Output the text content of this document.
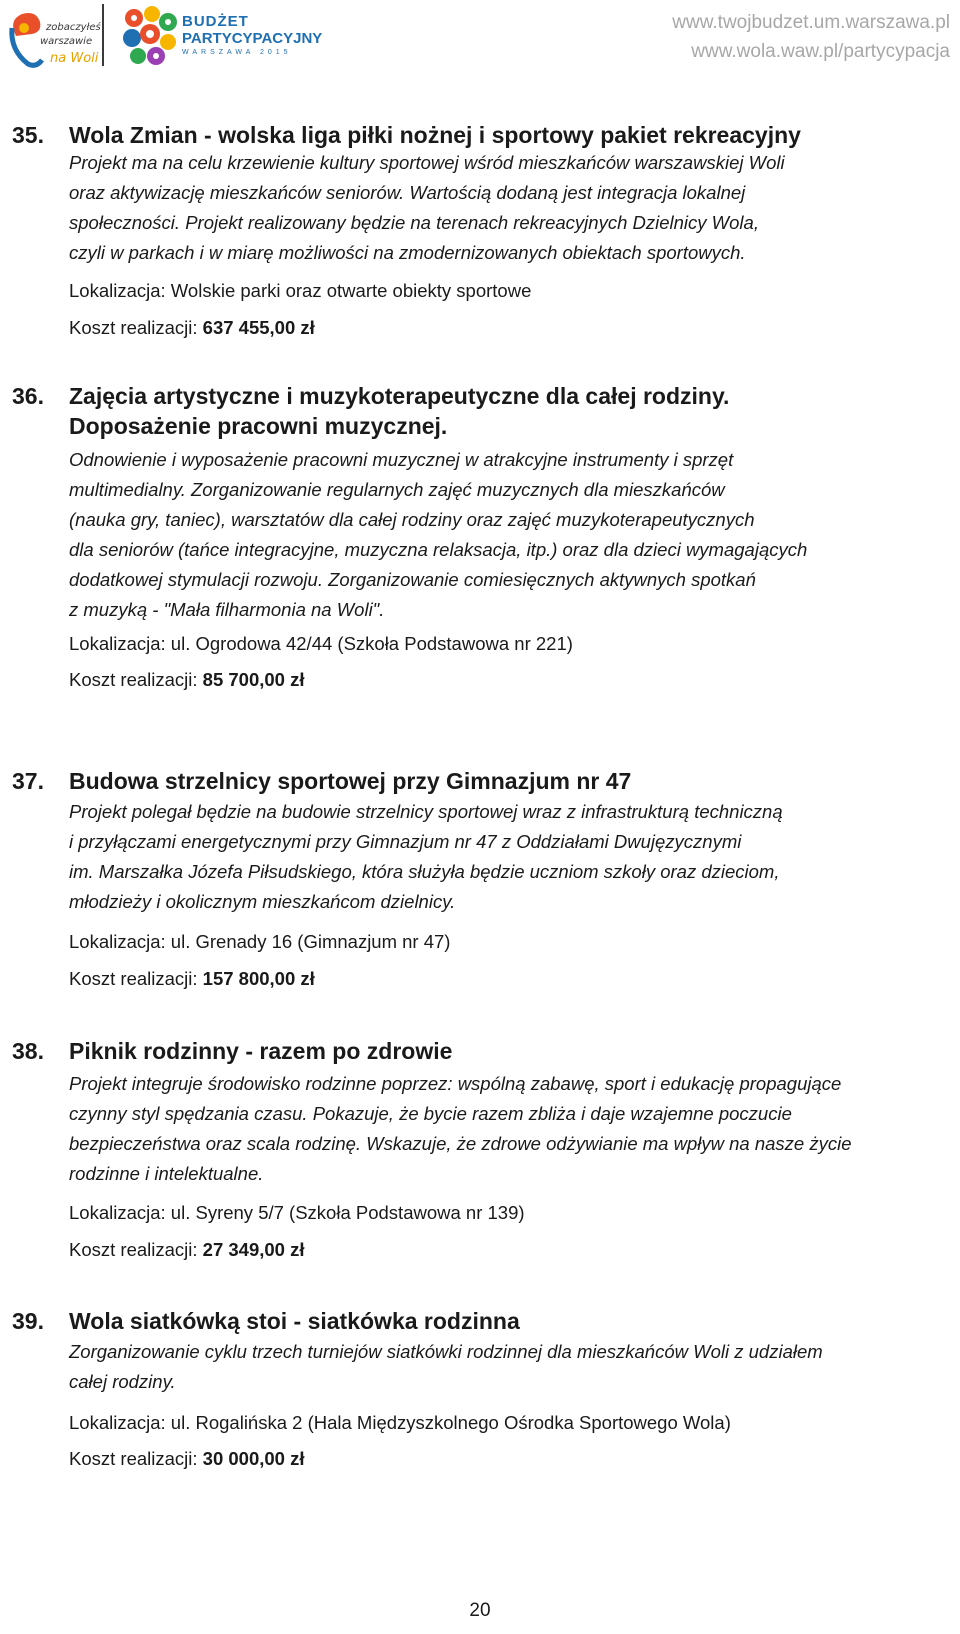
zobaczyłeś
warszawie
na Woli

BUDŻET

PARTYCYPACYJNY

WARSZAWA 2015

www.twojbudzet.um.warszawa.pl
www.wola.waw.pl/partycypacja
35. Wola Zmian - wolska liga piłki nożnej i sportowy pakiet rekreacyjny
Projekt ma na celu krzewienie kultury sportowej wśród mieszkańców warszawskiej Woli
oraz aktywizację mieszkańców seniorów. Wartością dodaną jest integracja lokalnej
społeczności. Projekt realizowany będzie na terenach rekreacyjnych Dzielnicy Wola,
czyli w parkach i w miarę możliwości na zmodernizowanych obiektach sportowych.
Lokalizacja: Wolskie parki oraz otwarte obiekty sportowe
Koszt realizacji: 637 455,00 zł
36. Zajęcia artystyczne i muzykoterapeutyczne dla całej rodziny.
Doposażenie pracowni muzycznej.
Odnowienie i wyposażenie pracowni muzycznej w atrakcyjne instrumenty i sprzęt
multimedialny. Zorganizowanie regularnych zajęć muzycznych dla mieszkańców
(nauka gry, taniec), warsztatów dla całej rodziny oraz zajęć muzykoterapeutycznych
dla seniorów (tańce integracyjne, muzyczna relaksacja, itp.) oraz dla dzieci wymagających
dodatkowej stymulacji rozwoju. Zorganizowanie comiesięcznych aktywnych spotkań
z muzyką - "Mała filharmonia na Woli".
Lokalizacja: ul. Ogrodowa 42/44 (Szkoła Podstawowa nr 221)
Koszt realizacji: 85 700,00 zł
37. Budowa strzelnicy sportowej przy Gimnazjum nr 47
Projekt polegał będzie na budowie strzelnicy sportowej wraz z infrastrukturą techniczną
i przyłączami energetycznymi przy Gimnazjum nr 47 z Oddziałami Dwujęzycznymi
im. Marszałka Józefa Piłsudskiego, która służyła będzie uczniom szkoły oraz dzieciom,
młodzieży i okolicznym mieszkańcom dzielnicy.
Lokalizacja: ul. Grenady 16 (Gimnazjum nr 47)
Koszt realizacji: 157 800,00 zł
38. Piknik rodzinny - razem po zdrowie
Projekt integruje środowisko rodzinne poprzez: wspólną zabawę, sport i edukację propagujące
czynny styl spędzania czasu. Pokazuje, że bycie razem zbliża i daje wzajemne poczucie
bezpieczeństwa oraz scala rodzinę. Wskazuje, że zdrowe odżywianie ma wpływ na nasze życie
rodzinne i intelektualne.
Lokalizacja: ul. Syreny 5/7 (Szkoła Podstawowa nr 139)
Koszt realizacji: 27 349,00 zł
39. Wola siatkówką stoi - siatkówka rodzinna
Zorganizowanie cyklu trzech turniejów siatkówki rodzinnej dla mieszkańców Woli z udziałem
całej rodziny.
Lokalizacja: ul. Rogalińska 2 (Hala Międzyszkolnego Ośrodka Sportowego Wola)
Koszt realizacji: 30 000,00 zł
20
